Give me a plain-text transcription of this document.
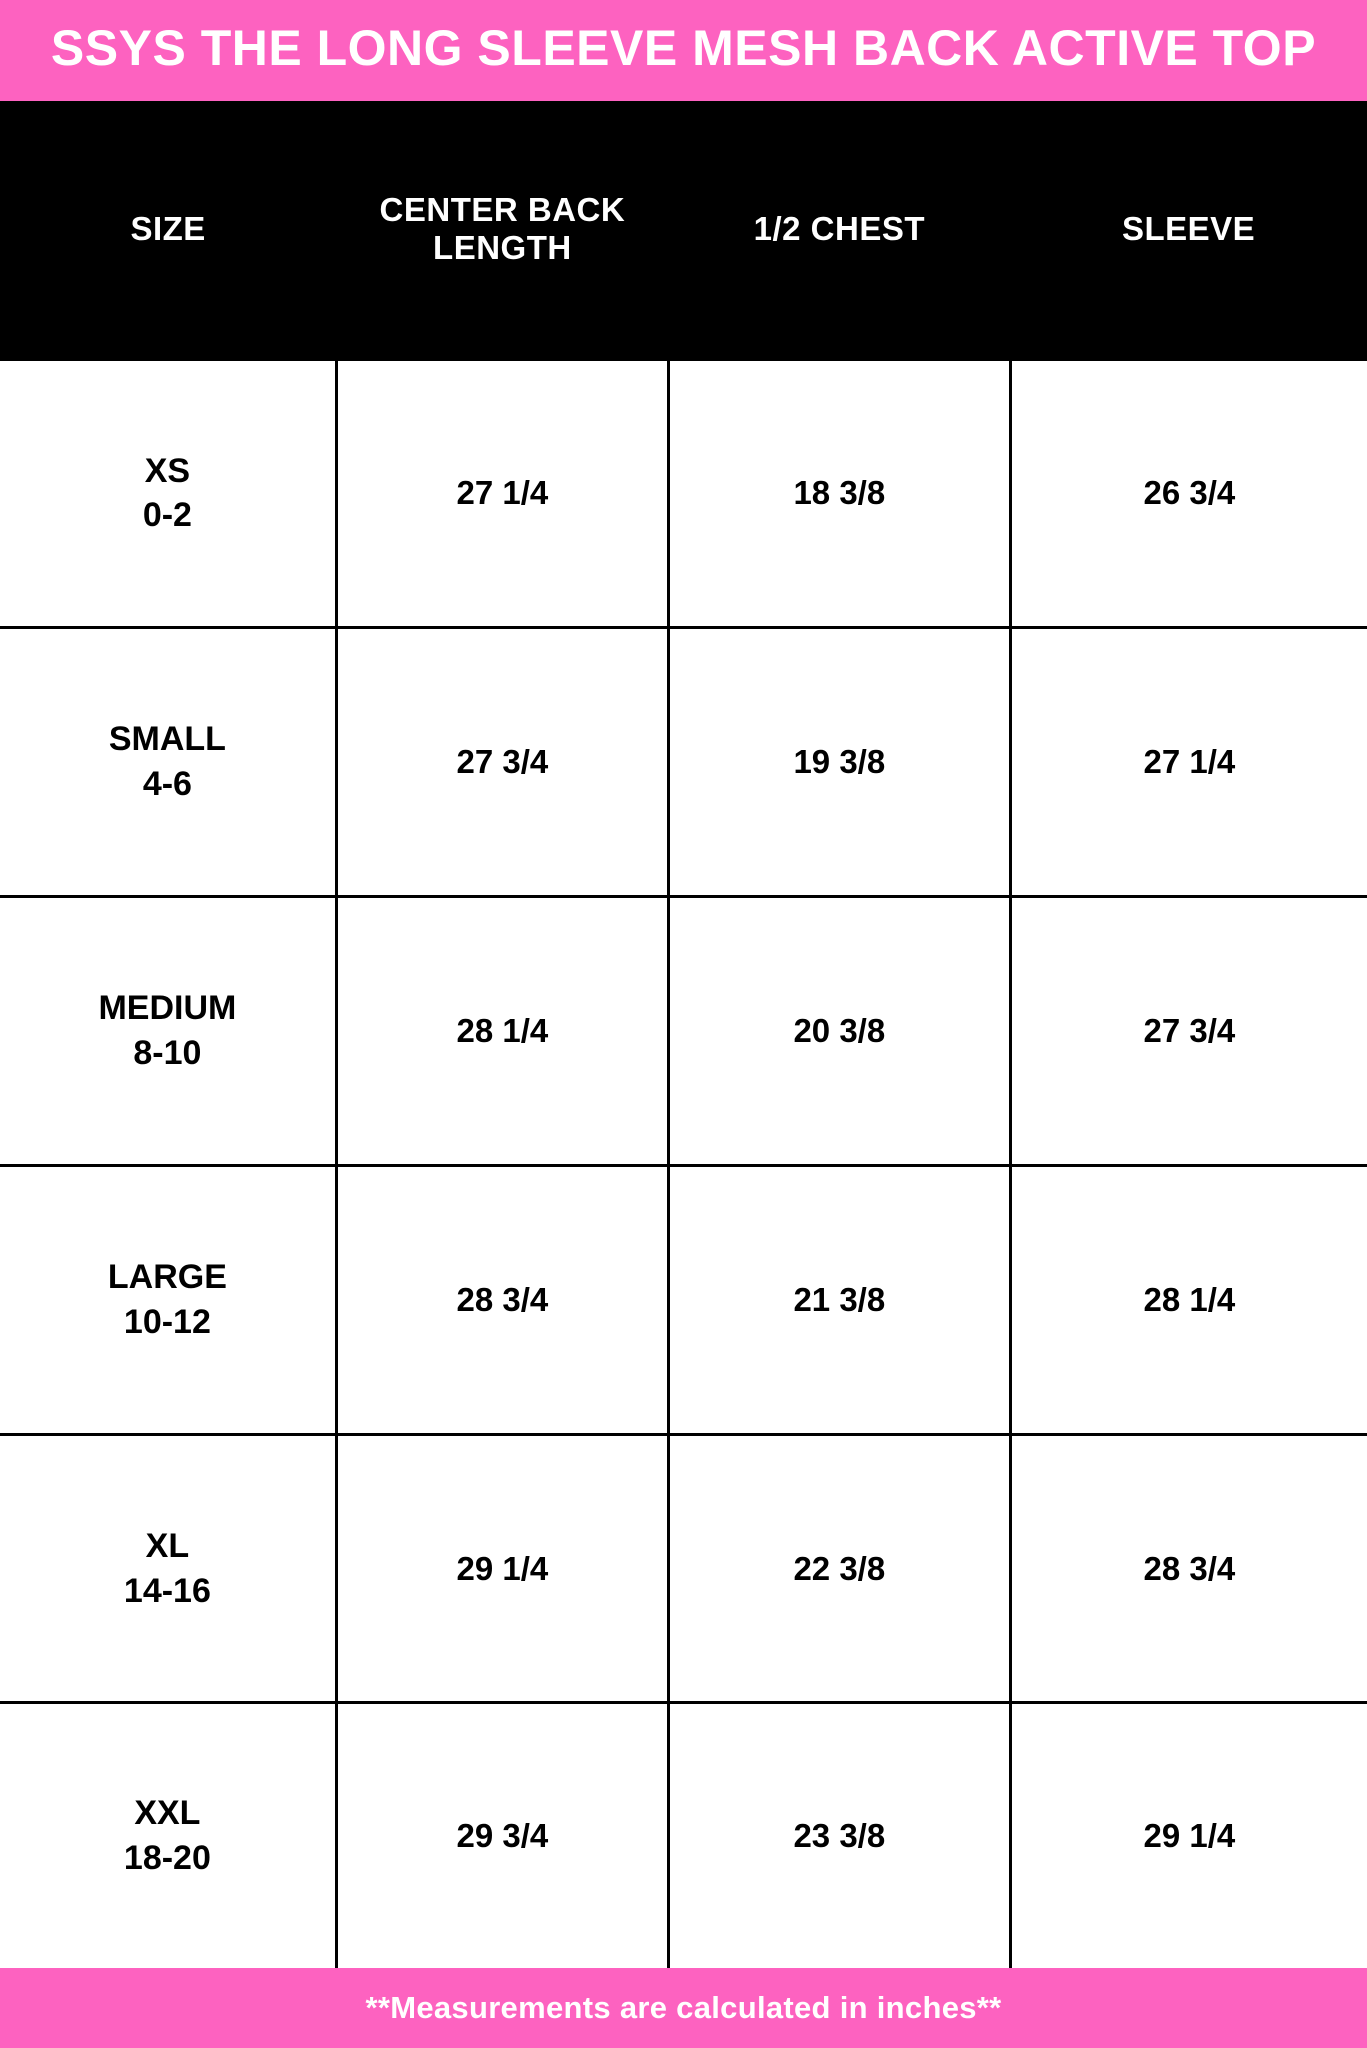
SSYS THE LONG SLEEVE MESH BACK ACTIVE TOP
SIZE	CENTER BACK LENGTH	1/2 CHEST	SLEEVE

XS
0-2	27 1/4	18 3/8	26 3/4

SMALL
4-6	27 3/4	19 3/8	27 1/4

MEDIUM
8-10	28 1/4	20 3/8	27 3/4

LARGE
10-12	28 3/4	21 3/8	28 1/4

XL
14-16	29 1/4	22 3/8	28 3/4

XXL
18-20	29 3/4	23 3/8	29 1/4
**Measurements are calculated in inches**
